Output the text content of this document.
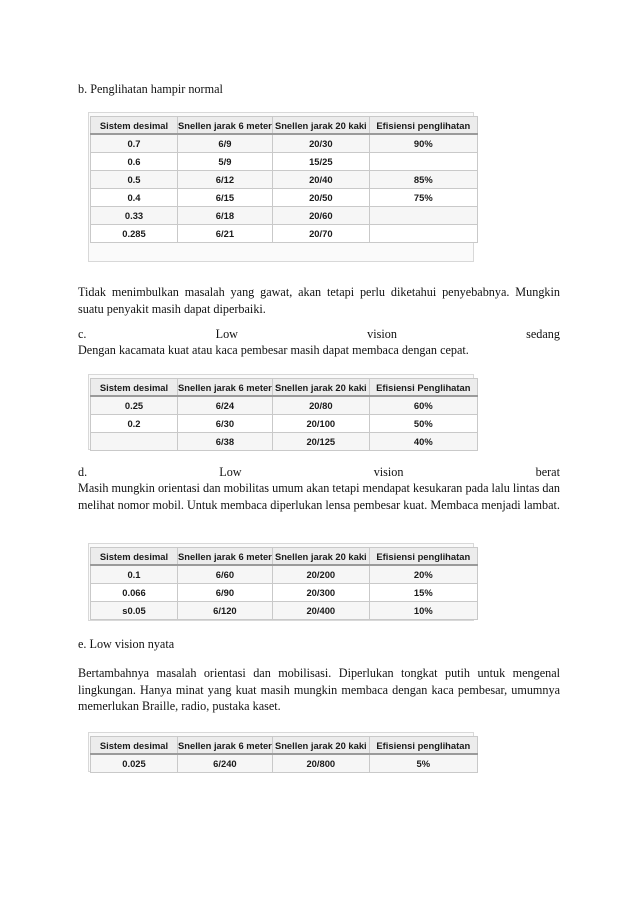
b. Penglihatan hampir normal

Sistem desimal	Snellen jarak 6 meter	Snellen jarak 20 kaki	Efisiensi penglihatan
0.7	6/9	20/30	90%
0.6	5/9	15/25	
0.5	6/12	20/40	85%
0.4	6/15	20/50	75%
0.33	6/18	20/60	
0.285	6/21	20/70	

Tidak menimbulkan masalah yang gawat, akan tetapi perlu diketahui penyebabnya. Mungkin suatu penyakit masih dapat diperbaiki.

c.	Low	vision	sedang

Dengan kacamata kuat atau kaca pembesar masih dapat membaca dengan cepat.

Sistem desimal	Snellen jarak 6 meter	Snellen jarak 20 kaki	Efisiensi Penglihatan
0.25	6/24	20/80	60%
0.2	6/30	20/100	50%
	6/38	20/125	40%
d.	Low	vision	berat

Masih mungkin orientasi dan mobilitas umum akan tetapi mendapat kesukaran pada lalu lintas dan melihat nomor mobil. Untuk membaca diperlukan lensa pembesar kuat. Membaca menjadi lambat.

Sistem desimal	Snellen jarak 6 meter	Snellen jarak 20 kaki	Efisiensi penglihatan
0.1	6/60	20/200	20%
0.066	6/90	20/300	15%
s0.05	6/120	20/400	10%

e. Low vision nyata

Bertambahnya masalah orientasi dan mobilisasi. Diperlukan tongkat putih untuk mengenal lingkungan. Hanya minat yang kuat masih mungkin membaca dengan kaca pembesar, umumnya memerlukan Braille, radio, pustaka kaset.

Sistem desimal	Snellen jarak 6 meter	Snellen jarak 20 kaki	Efisiensi penglihatan
0.025	6/240	20/800	5%
